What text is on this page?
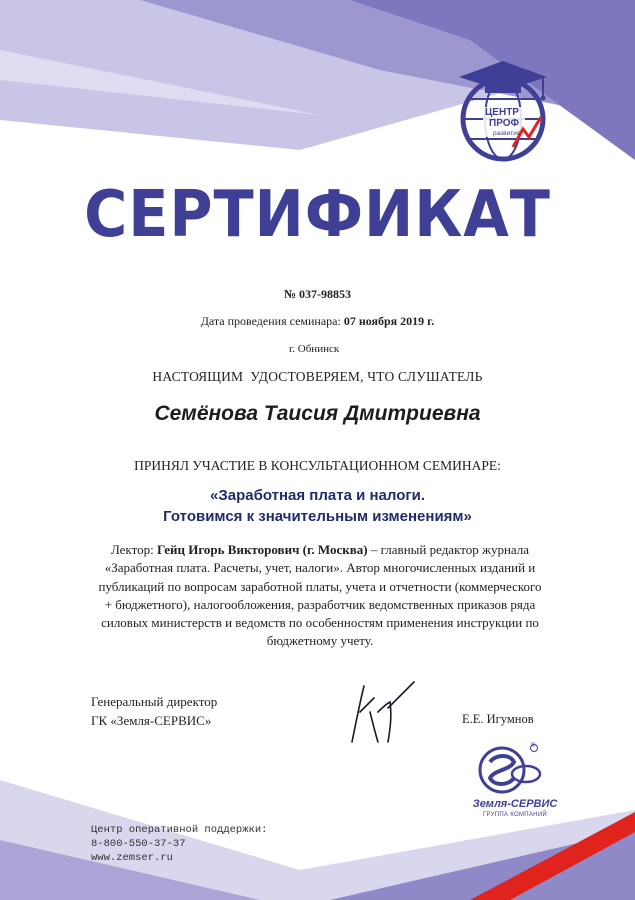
ЦЕНТР
ПРОФ
развития
СЕРТИФИКАТ
№ 037-98853
Дата проведения семинара: 07 ноября 2019 г.
г. Обнинск
НАСТОЯЩИМ  УДОСТОВЕРЯЕМ, ЧТО СЛУШАТЕЛЬ
Семёнова Таисия Дмитриевна
ПРИНЯЛ УЧАСТИЕ В КОНСУЛЬТАЦИОННОМ СЕМИНАРЕ:
«Заработная плата и налоги.
Готовимся к значительным изменениям»
Лектор: Гейц Игорь Викторович (г. Москва) – главный редактор журнала «Заработная плата. Расчеты, учет, налоги». Автор многочисленных изданий и публикаций по вопросам заработной платы, учета и отчетности (коммерческого + бюджетного), налогообложения, разработчик ведомственных приказов ряда силовых министерств и ведомств по особенностям применения инструкции по бюджетному учету.
Генеральный директор
ГК «Земля-СЕРВИС»	Е.Е. Игумнов
®
Земля-СЕРВИС
ГРУППА КОМПАНИЙ
Центр оперативной поддержки:
8-800-550-37-37
www.zemser.ru
